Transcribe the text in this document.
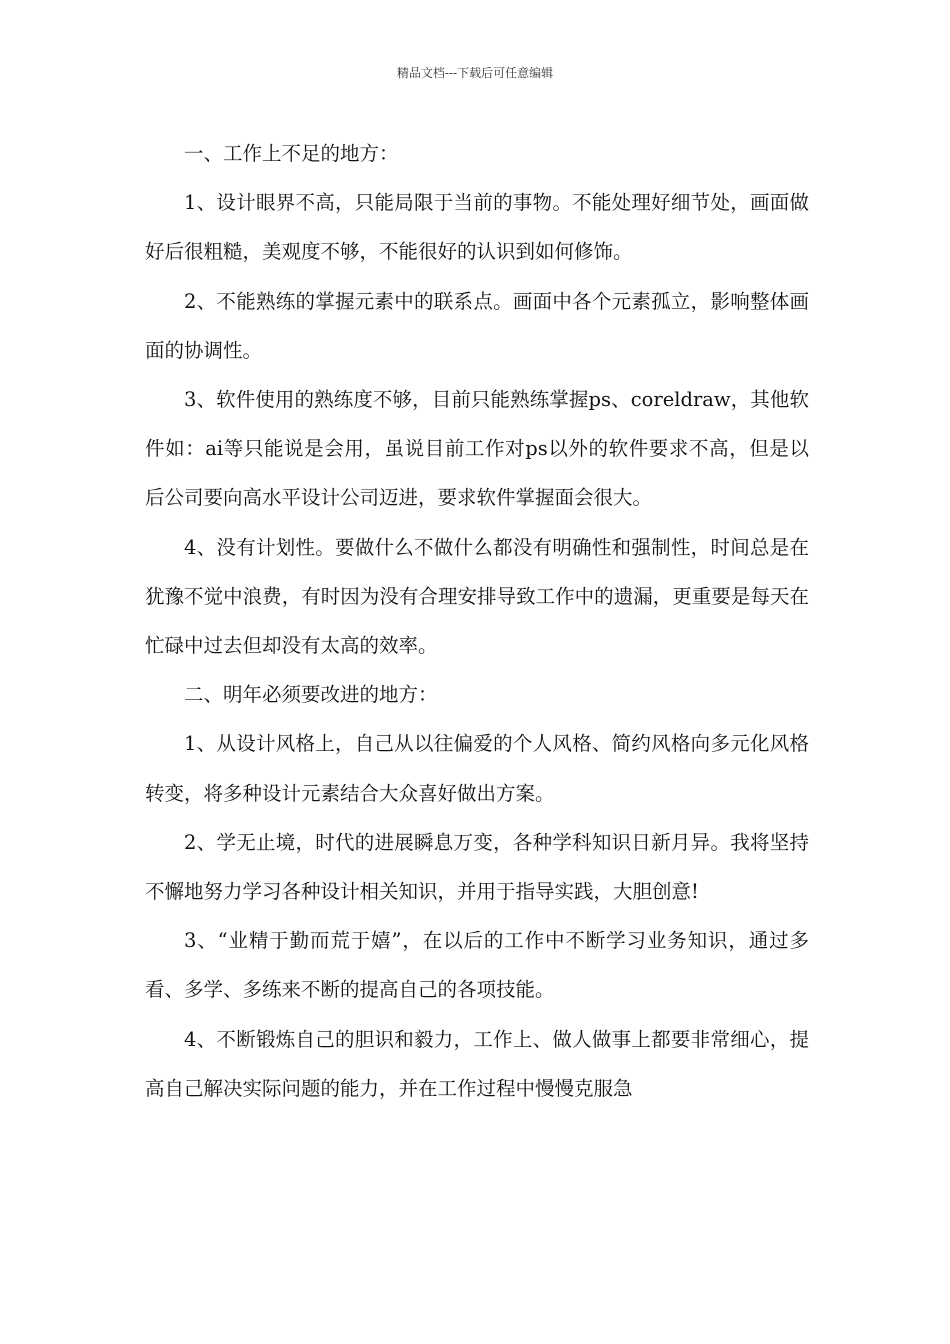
精品文档---下载后可任意编辑

一、工作上不足的地方：

1、设计眼界不高，只能局限于当前的事物。不能处理好细节处，画面做好后很粗糙，美观度不够，不能很好的认识到如何修饰。

2、不能熟练的掌握元素中的联系点。画面中各个元素孤立，影响整体画面的协调性。

3、软件使用的熟练度不够，目前只能熟练掌握ps、coreldraw，其他软件如：ai等只能说是会用，虽说目前工作对ps以外的软件要求不高，但是以后公司要向高水平设计公司迈进，要求软件掌握面会很大。

4、没有计划性。要做什么不做什么都没有明确性和强制性，时间总是在犹豫不觉中浪费，有时因为没有合理安排导致工作中的遗漏，更重要是每天在忙碌中过去但却没有太高的效率。

二、明年必须要改进的地方：

1、从设计风格上，自己从以往偏爱的个人风格、简约风格向多元化风格转变，将多种设计元素结合大众喜好做出方案。

2、学无止境，时代的进展瞬息万变，各种学科知识日新月异。我将坚持不懈地努力学习各种设计相关知识，并用于指导实践，大胆创意!

3、“业精于勤而荒于嬉”，在以后的工作中不断学习业务知识，通过多看、多学、多练来不断的提高自己的各项技能。

4、不断锻炼自己的胆识和毅力，工作上、做人做事上都要非常细心，提高自己解决实际问题的能力，并在工作过程中慢慢克服急
